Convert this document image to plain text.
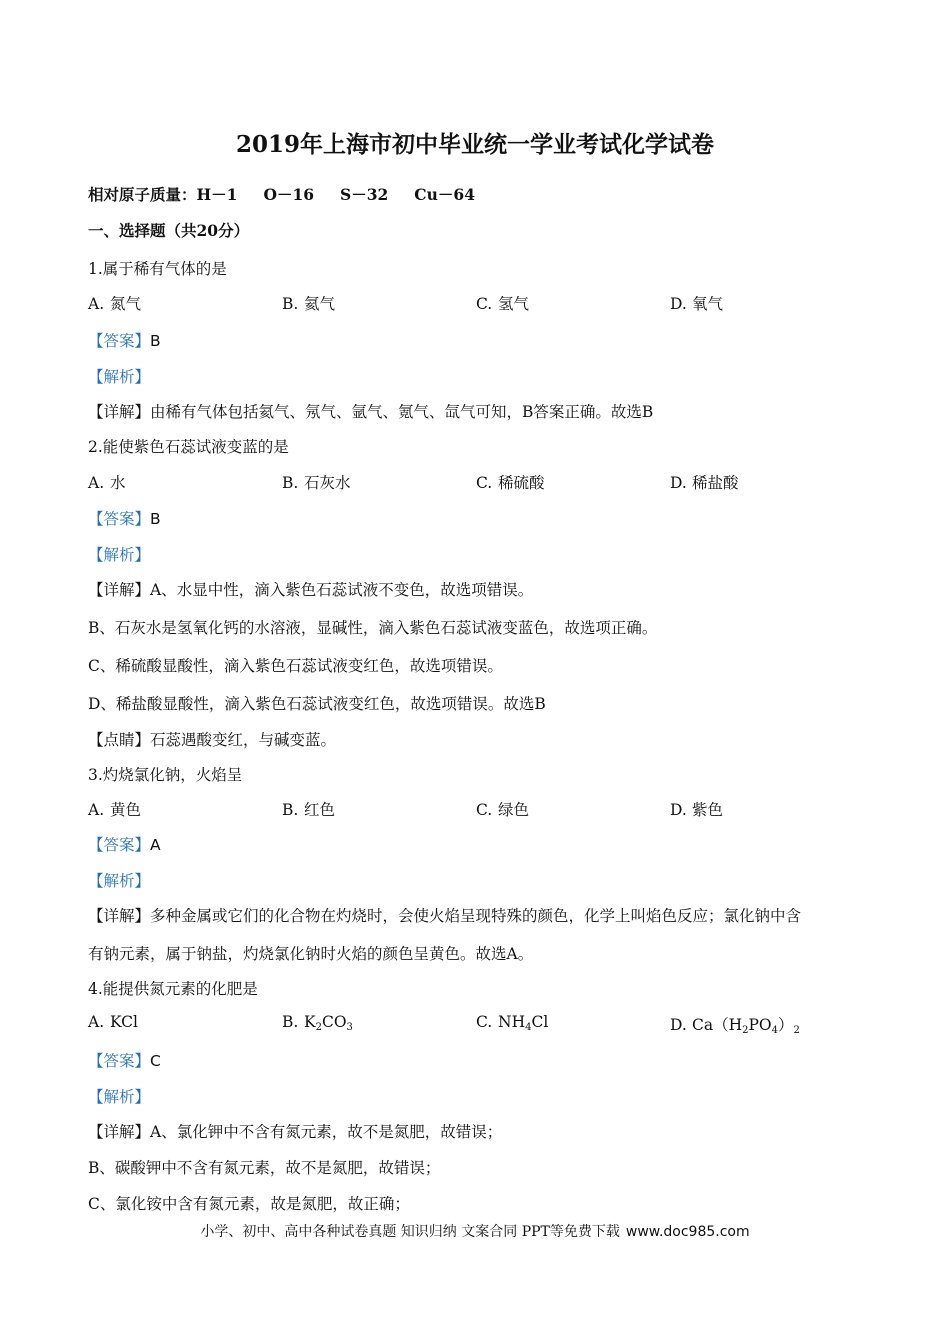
2019年上海市初中毕业统一学业考试化学试卷
相对原子质量：H－1 O－16 S－32 Cu－64
一、选择题（共20分）
1.属于稀有气体的是
A. 氮气	B. 氦气	C. 氢气	D. 氧气
【答案】B
【解析】
【详解】由稀有气体包括氦气、氖气、氩气、氪气、氙气可知，B答案正确。故选B
2.能使紫色石蕊试液变蓝的是
A. 水	B. 石灰水	C. 稀硫酸	D. 稀盐酸
【答案】B
【解析】
【详解】A、水显中性，滴入紫色石蕊试液不变色，故选项错误。
B、石灰水是氢氧化钙的水溶液，显碱性，滴入紫色石蕊试液变蓝色，故选项正确。
C、稀硫酸显酸性，滴入紫色石蕊试液变红色，故选项错误。
D、稀盐酸显酸性，滴入紫色石蕊试液变红色，故选项错误。故选B
【点睛】石蕊遇酸变红，与碱变蓝。
3.灼烧氯化钠，火焰呈
A. 黄色	B. 红色	C. 绿色	D. 紫色
【答案】A
【解析】
【详解】多种金属或它们的化合物在灼烧时，会使火焰呈现特殊的颜色，化学上叫焰色反应；氯化钠中含
有钠元素，属于钠盐，灼烧氯化钠时火焰的颜色呈黄色。故选A。
4.能提供氮元素的化肥是
A. KCl	B. $K_2CO_3$	C. $NH_4Cl$	D. $Ca(H_2PO_4)_2$
【答案】C
【解析】
【详解】A、氯化钾中不含有氮元素，故不是氮肥，故错误；
B、碳酸钾中不含有氮元素，故不是氮肥，故错误；
C、氯化铵中含有氮元素，故是氮肥，故正确；
小学、初中、高中各种试卷真题 知识归纳 文案合同 PPT等免费下载 www.doc985.com
